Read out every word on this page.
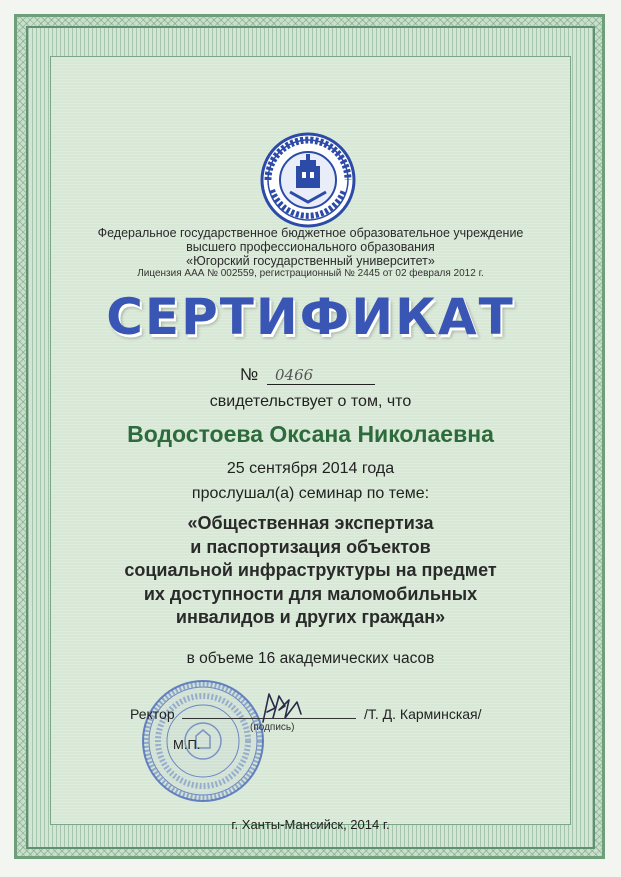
Федеральное государственное бюджетное образовательное учреждение
высшего профессионального образования
«Югорский государственный университет»
Лицензия ААА № 002559, регистрационный № 2445 от 02 февраля 2012 г.
СЕРТИФИКАТ
№ 0466
свидетельствует о том, что
Водостоева Оксана Николаевна
25 сентября 2014 года
прослушал(а) семинар по теме:
«Общественная экспертиза
и паспортизация объектов
социальной инфраструктуры на предмет
их доступности для маломобильных
инвалидов и других граждан»
в объеме 16 академических часов
Ректор
(подпись)
/Т. Д. Карминская/
М.П.
г. Ханты-Мансийск, 2014 г.
